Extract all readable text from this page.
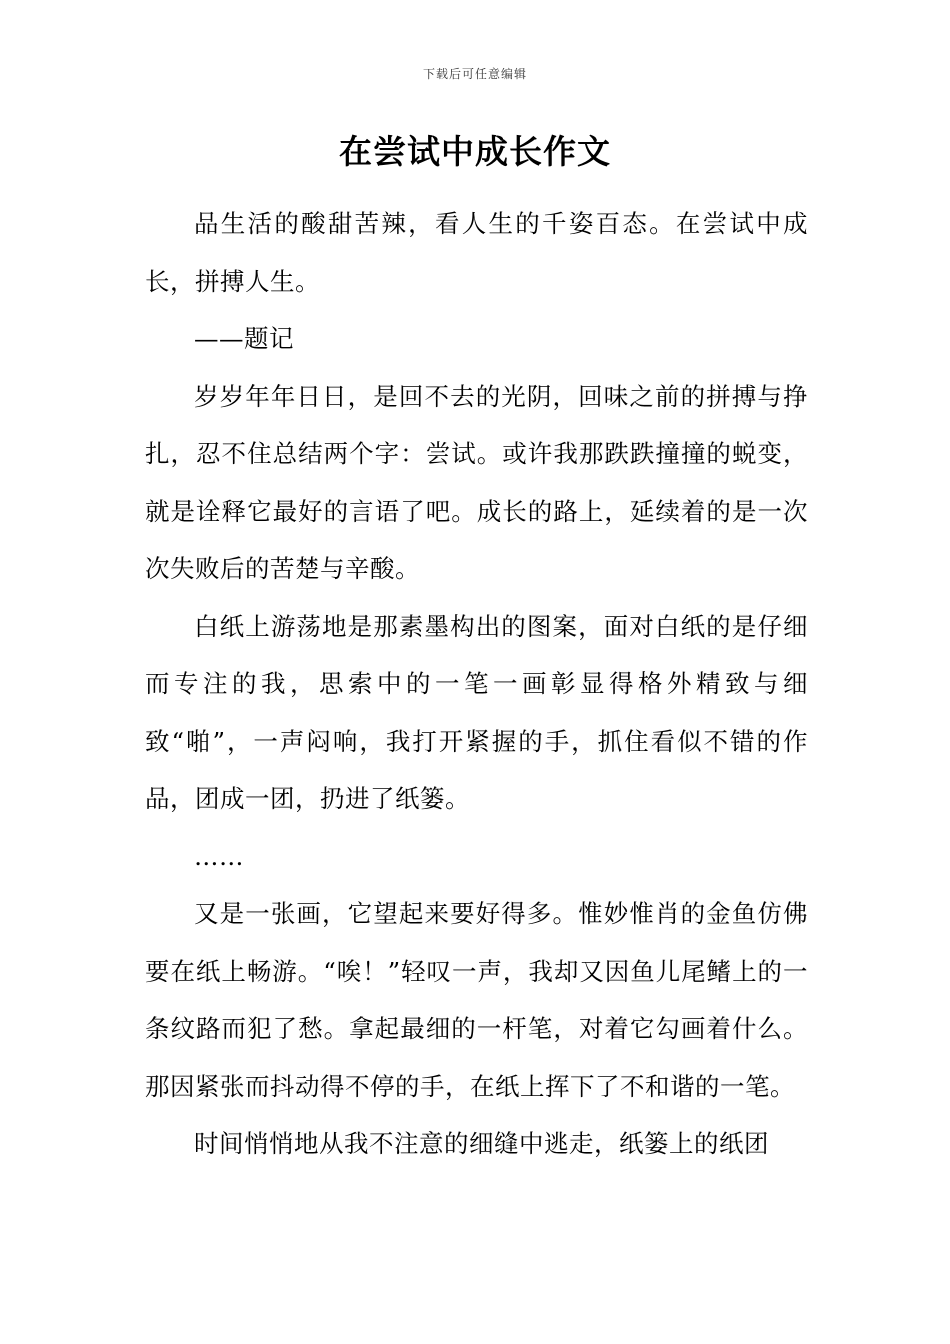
下载后可任意编辑
在尝试中成长作文

品生活的酸甜苦辣，看人生的千姿百态。在尝试中成长，拼搏人生。

——题记

岁岁年年日日，是回不去的光阴，回味之前的拼搏与挣扎，忍不住总结两个字：尝试。或许我那跌跌撞撞的蜕变，就是诠释它最好的言语了吧。成长的路上，延续着的是一次次失败后的苦楚与辛酸。

白纸上游荡地是那素墨构出的图案，面对白纸的是仔细而专注的我，思索中的一笔一画彰显得格外精致与细致“啪”，一声闷响，我打开紧握的手，抓住看似不错的作品，团成一团，扔进了纸篓。

……

又是一张画，它望起来要好得多。惟妙惟肖的金鱼仿佛要在纸上畅游。“唉！”轻叹一声，我却又因鱼儿尾鳍上的一条纹路而犯了愁。拿起最细的一杆笔，对着它勾画着什么。那因紧张而抖动得不停的手，在纸上挥下了不和谐的一笔。

时间悄悄地从我不注意的细缝中逃走，纸篓上的纸团
